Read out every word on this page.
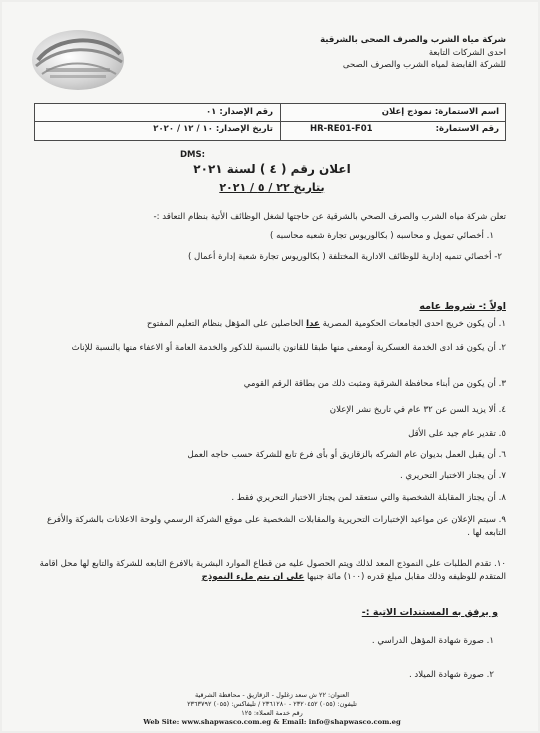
شركة مياه الشرب والصرف الصحى بالشرقية
احدى الشركات التابعة
للشركة القابضة لمياه الشرب والصرف الصحى
اسم الاستمارة: نموذج إعلان
رقم الاستمارة:
HR-RE01-F01
رقم الإصدار: ٠١
تاريخ الإصدار: ١٠ / ١٢ / ٢٠٢٠
DMS:
اعلان رقم ( ٤ ) لسنة ٢٠٢١
بتاريخ ٢٢ / ٥ / ٢٠٢١
تعلن شركة مياه الشرب والصرف الصحي بالشرقية عن حاجتها لشغل الوظائف الأتية بنظام التعاقد :-
١. أخصائي تمويل و محاسبه ( بكالوريوس تجارة شعبه محاسبه )
٢- أخصائي تنميه إدارية للوظائف الادارية المختلفة ( بكالوريوس تجارة شعبة إدارة أعمال )
اولاً :- شروط عامه
١. أن يكون خريج احدى الجامعات الحكومية المصرية عدا الحاصلين على المؤهل بنظام التعليم المفتوح
٢. أن يكون قد ادى الخدمة العسكرية أومعفى منها طبقا للقانون بالنسبة للذكور والخدمة العامة أو الاعفاء منها بالنسبة للإناث
٣. أن يكون من أبناء محافظة الشرقية ومثبت ذلك من بطاقة الرقم القومي
٤. ألا يزيد السن عن ٣٢ عام في تاريخ نشر الإعلان
٥. تقدير عام جيد على الأقل
٦. أن يقبل العمل بديوان عام الشركه بالزقازيق أو بأى فرع تابع للشركة حسب حاجه العمل
٧. أن يجتاز الاختبار التحريري .
٨. أن يجتاز المقابلة الشخصية والتي ستعقد لمن يجتاز الاختبار التحريري فقط .
٩. سيتم الإعلان عن مواعيد الإختبارات التحريرية والمقابلات الشخصية على موقع الشركة الرسمي ولوحة الاعلانات بالشركة والأفرع التابعه لها .
١٠. تقدم الطلبات على النموذج المعد لذلك ويتم الحصول عليه من قطاع الموارد البشرية بالافرع التابعه للشركة والتابع لها محل اقامة المتقدم للوظيفه وذلك مقابل مبلغ قدره (١٠٠) مائة جنيها على ان يتم ملء النموذج
و يرفق به المستندات الاتية :-
١. صورة شهادة المؤهل الدراسي .
٢. صورة شهادة الميلاد .
العنوان: ٢٢ ش سعد زغلول - الزقازيق - محافظة الشرقية
تليفون: (٠٥٥) ٢٣٢٠٤٥٢ - ٢٣٦١٢٨٠ / تليفاكس: (٠٥٥) ٢٣٦٣٧٩٢
رقم خدمة العملاء: ١٢٥
Web Site: www.shapwasco.com.eg & Email: info@shapwasco.com.eg
